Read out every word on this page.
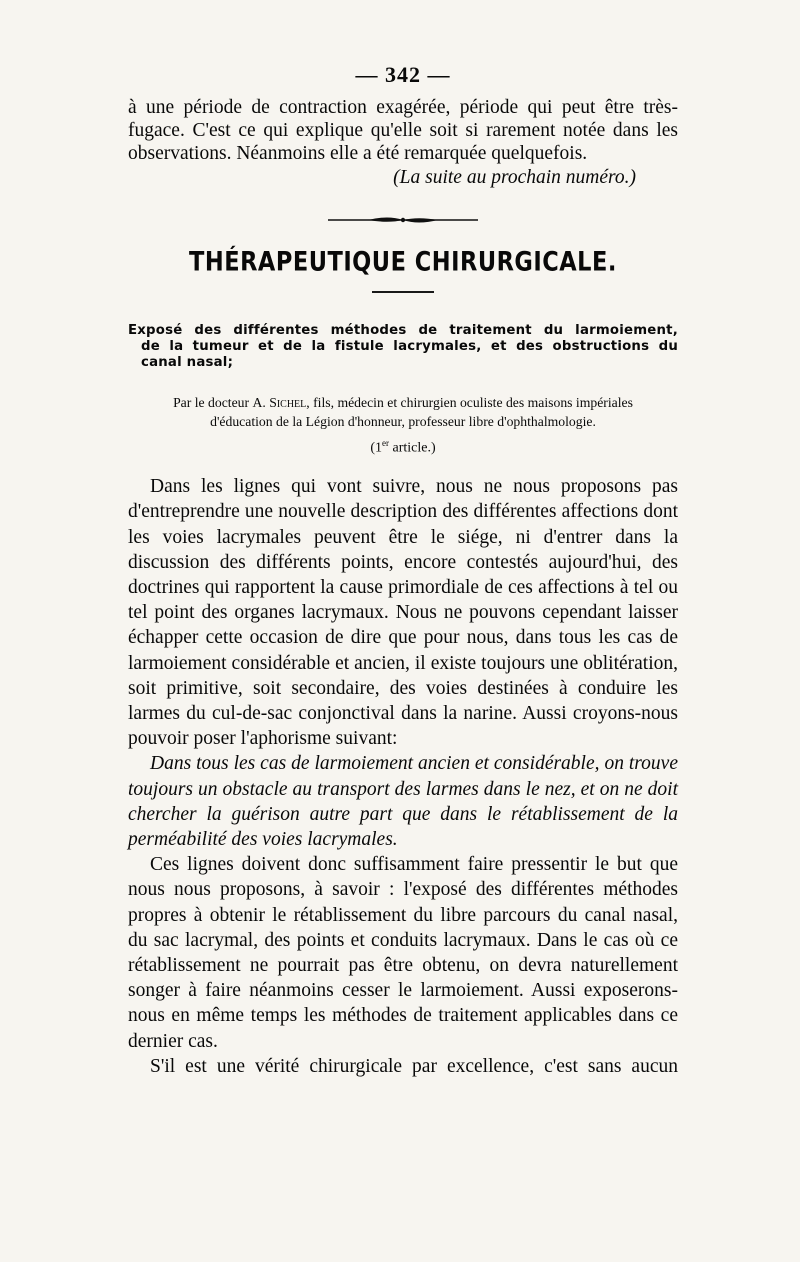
— 342 —

à une période de contraction exagérée, période qui peut être très-
fugace. C'est ce qui explique qu'elle soit si rarement notée dans les
observations. Néanmoins elle a été remarquée quelquefois.

(La suite au prochain numéro.)
THÉRAPEUTIQUE CHIRURGICALE.
Exposé des différentes méthodes de traitement du larmoiement,
de la tumeur et de la fistule lacrymales, et des obstructions du
canal nasal;
Par le docteur A. Sichel, fils, médecin et chirurgien oculiste des maisons impériales
d'éducation de la Légion d'honneur, professeur libre d'ophthalmologie.
(1er article.)

Dans les lignes qui vont suivre, nous ne nous proposons pas d'entreprendre une nouvelle description des différentes affections dont les voies lacrymales peuvent être le siége, ni d'entrer dans la discussion des différents points, encore contestés aujourd'hui, des doctrines qui rapportent la cause primordiale de ces affections à tel ou tel point des organes lacrymaux. Nous ne pouvons cependant laisser échapper cette occasion de dire que pour nous, dans tous les cas de larmoiement considérable et ancien, il existe toujours une oblitération, soit primitive, soit secondaire, des voies destinées à conduire les larmes du cul-de-sac conjonctival dans la narine. Aussi croyons-nous pouvoir poser l'aphorisme suivant:

Dans tous les cas de larmoiement ancien et considérable, on trouve toujours un obstacle au transport des larmes dans le nez, et on ne doit chercher la guérison autre part que dans le rétablissement de la perméabilité des voies lacrymales.

Ces lignes doivent donc suffisamment faire pressentir le but que nous nous proposons, à savoir : l'exposé des différentes méthodes propres à obtenir le rétablissement du libre parcours du canal nasal, du sac lacrymal, des points et conduits lacrymaux. Dans le cas où ce rétablissement ne pourrait pas être obtenu, on devra naturellement songer à faire néanmoins cesser le larmoiement. Aussi exposerons-nous en même temps les méthodes de traitement applicables dans ce dernier cas.

S'il est une vérité chirurgicale par excellence, c'est sans aucun
